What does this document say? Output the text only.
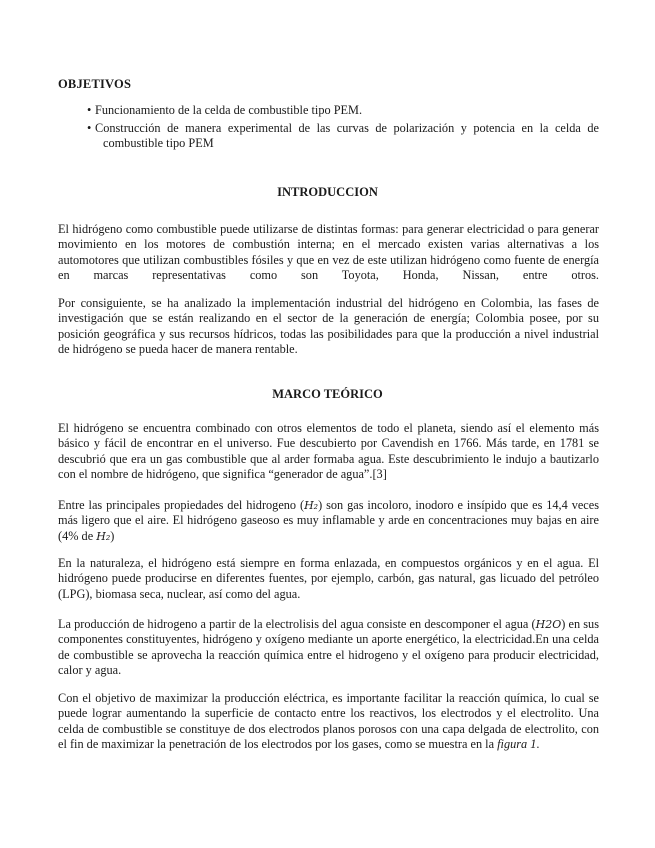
OBJETIVOS
• Funcionamiento de la celda de combustible tipo PEM.
• Construcción de manera experimental de las curvas de polarización y potencia en la celda de combustible tipo PEM
INTRODUCCION

El hidrógeno como combustible puede utilizarse de distintas formas: para generar electricidad o para generar movimiento en los motores de combustión interna; en el mercado existen varias alternativas a los automotores que utilizan combustibles fósiles y que en vez de este utilizan hidrógeno como fuente de energía en marcas representativas como son Toyota, Honda, Nissan, entre otros.

Por consiguiente, se ha analizado la implementación industrial del hidrógeno en Colombia, las fases de investigación que se están realizando en el sector de la generación de energía; Colombia posee, por su posición geográfica y sus recursos hídricos, todas las posibilidades para que la producción a nivel industrial de hidrógeno se pueda hacer de manera rentable.

MARCO TEÓRICO

El hidrógeno se encuentra combinado con otros elementos de todo el planeta, siendo así el elemento más básico y fácil de encontrar en el universo. Fue descubierto por Cavendish en 1766. Más tarde, en 1781 se descubrió que era un gas combustible que al arder formaba agua. Este descubrimiento le indujo a bautizarlo con el nombre de hidrógeno, que significa “generador de agua”.[3]

Entre las principales propiedades del hidrogeno (H₂) son gas incoloro, inodoro e insípido que es 14,4 veces más ligero que el aire. El hidrógeno gaseoso es muy inflamable y arde en concentraciones muy bajas en aire (4% de H₂)

En la naturaleza, el hidrógeno está siempre en forma enlazada, en compuestos orgánicos y en el agua. El hidrógeno puede producirse en diferentes fuentes, por ejemplo, carbón, gas natural, gas licuado del petróleo (LPG), biomasa seca, nuclear, así como del agua.

La producción de hidrogeno a partir de la electrolisis del agua consiste en descomponer el agua (H2O) en sus componentes constituyentes, hidrógeno y oxígeno mediante un aporte energético, la electricidad.En una celda de combustible se aprovecha la reacción química entre el hidrogeno y el oxígeno para producir electricidad, calor y agua.

Con el objetivo de maximizar la producción eléctrica, es importante facilitar la reacción química, lo cual se puede lograr aumentando la superficie de contacto entre los reactivos, los electrodos y el electrolito. Una celda de combustible se constituye de dos electrodos planos porosos con una capa delgada de electrolito, con el fin de maximizar la penetración de los electrodos por los gases, como se muestra en la figura 1.
